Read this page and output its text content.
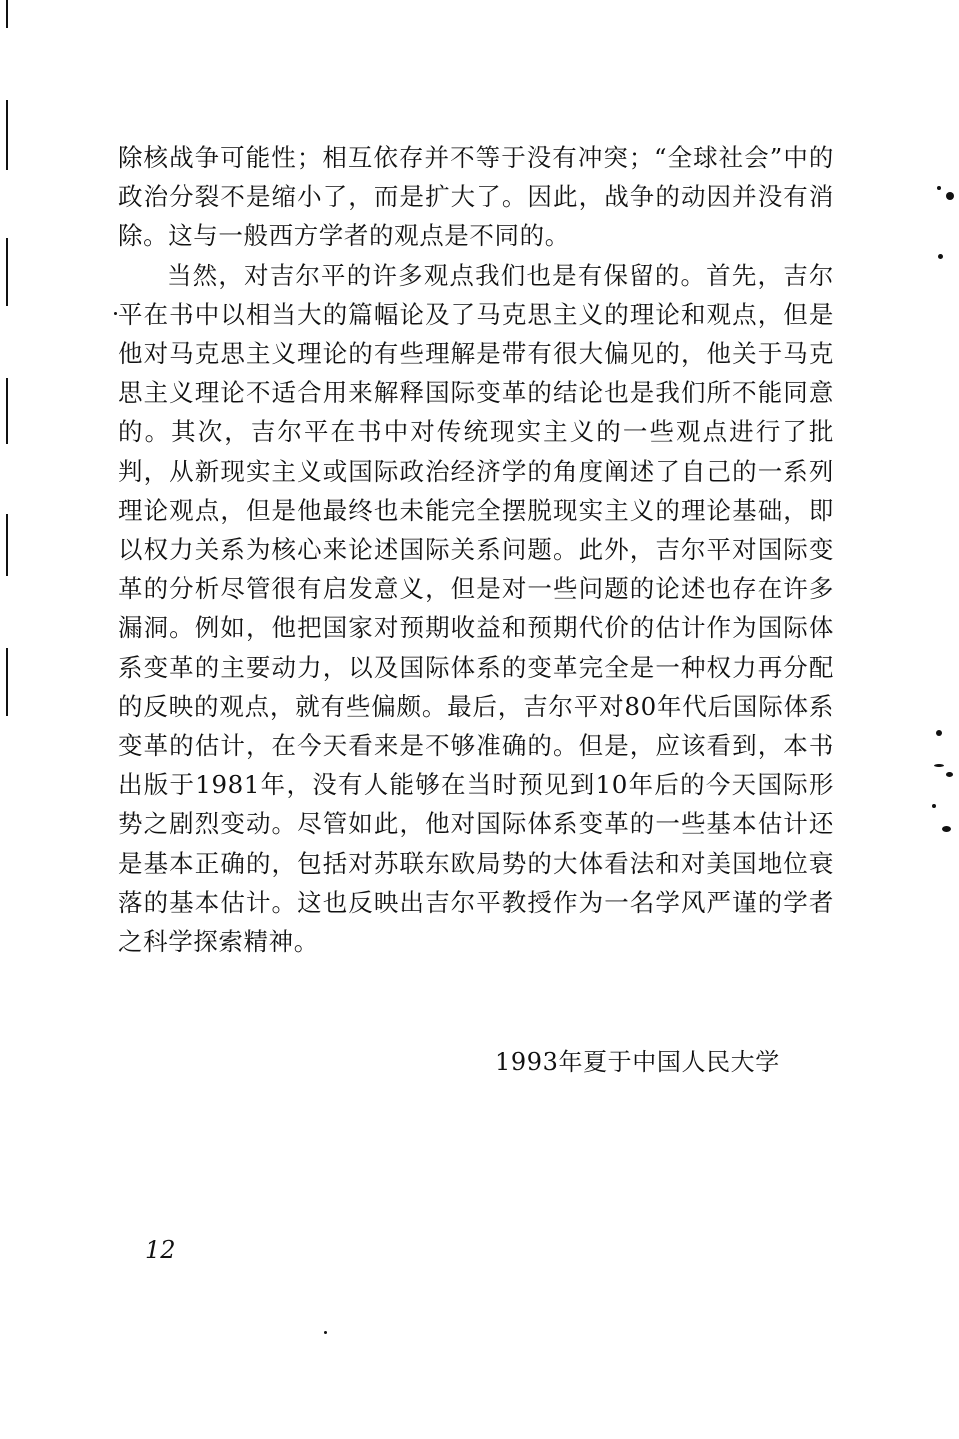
除核战争可能性；相互依存并不等于没有冲突；“全球社会”中的政治分裂不是缩小了，而是扩大了。因此，战争的动因并没有消除。这与一般西方学者的观点是不同的。

当然，对吉尔平的许多观点我们也是有保留的。首先，吉尔平在书中以相当大的篇幅论及了马克思主义的理论和观点，但是他对马克思主义理论的有些理解是带有很大偏见的，他关于马克思主义理论不适合用来解释国际变革的结论也是我们所不能同意的。其次，吉尔平在书中对传统现实主义的一些观点进行了批判，从新现实主义或国际政治经济学的角度阐述了自己的一系列理论观点，但是他最终也未能完全摆脱现实主义的理论基础，即以权力关系为核心来论述国际关系问题。此外，吉尔平对国际变革的分析尽管很有启发意义，但是对一些问题的论述也存在许多漏洞。例如，他把国家对预期收益和预期代价的估计作为国际体系变革的主要动力，以及国际体系的变革完全是一种权力再分配的反映的观点，就有些偏颇。最后，吉尔平对80年代后国际体系变革的估计，在今天看来是不够准确的。但是，应该看到，本书出版于1981年，没有人能够在当时预见到10年后的今天国际形势之剧烈变动。尽管如此，他对国际体系变革的一些基本估计还是基本正确的，包括对苏联东欧局势的大体看法和对美国地位衰落的基本估计。这也反映出吉尔平教授作为一名学风严谨的学者之科学探索精神。

1993年夏于中国人民大学
12
